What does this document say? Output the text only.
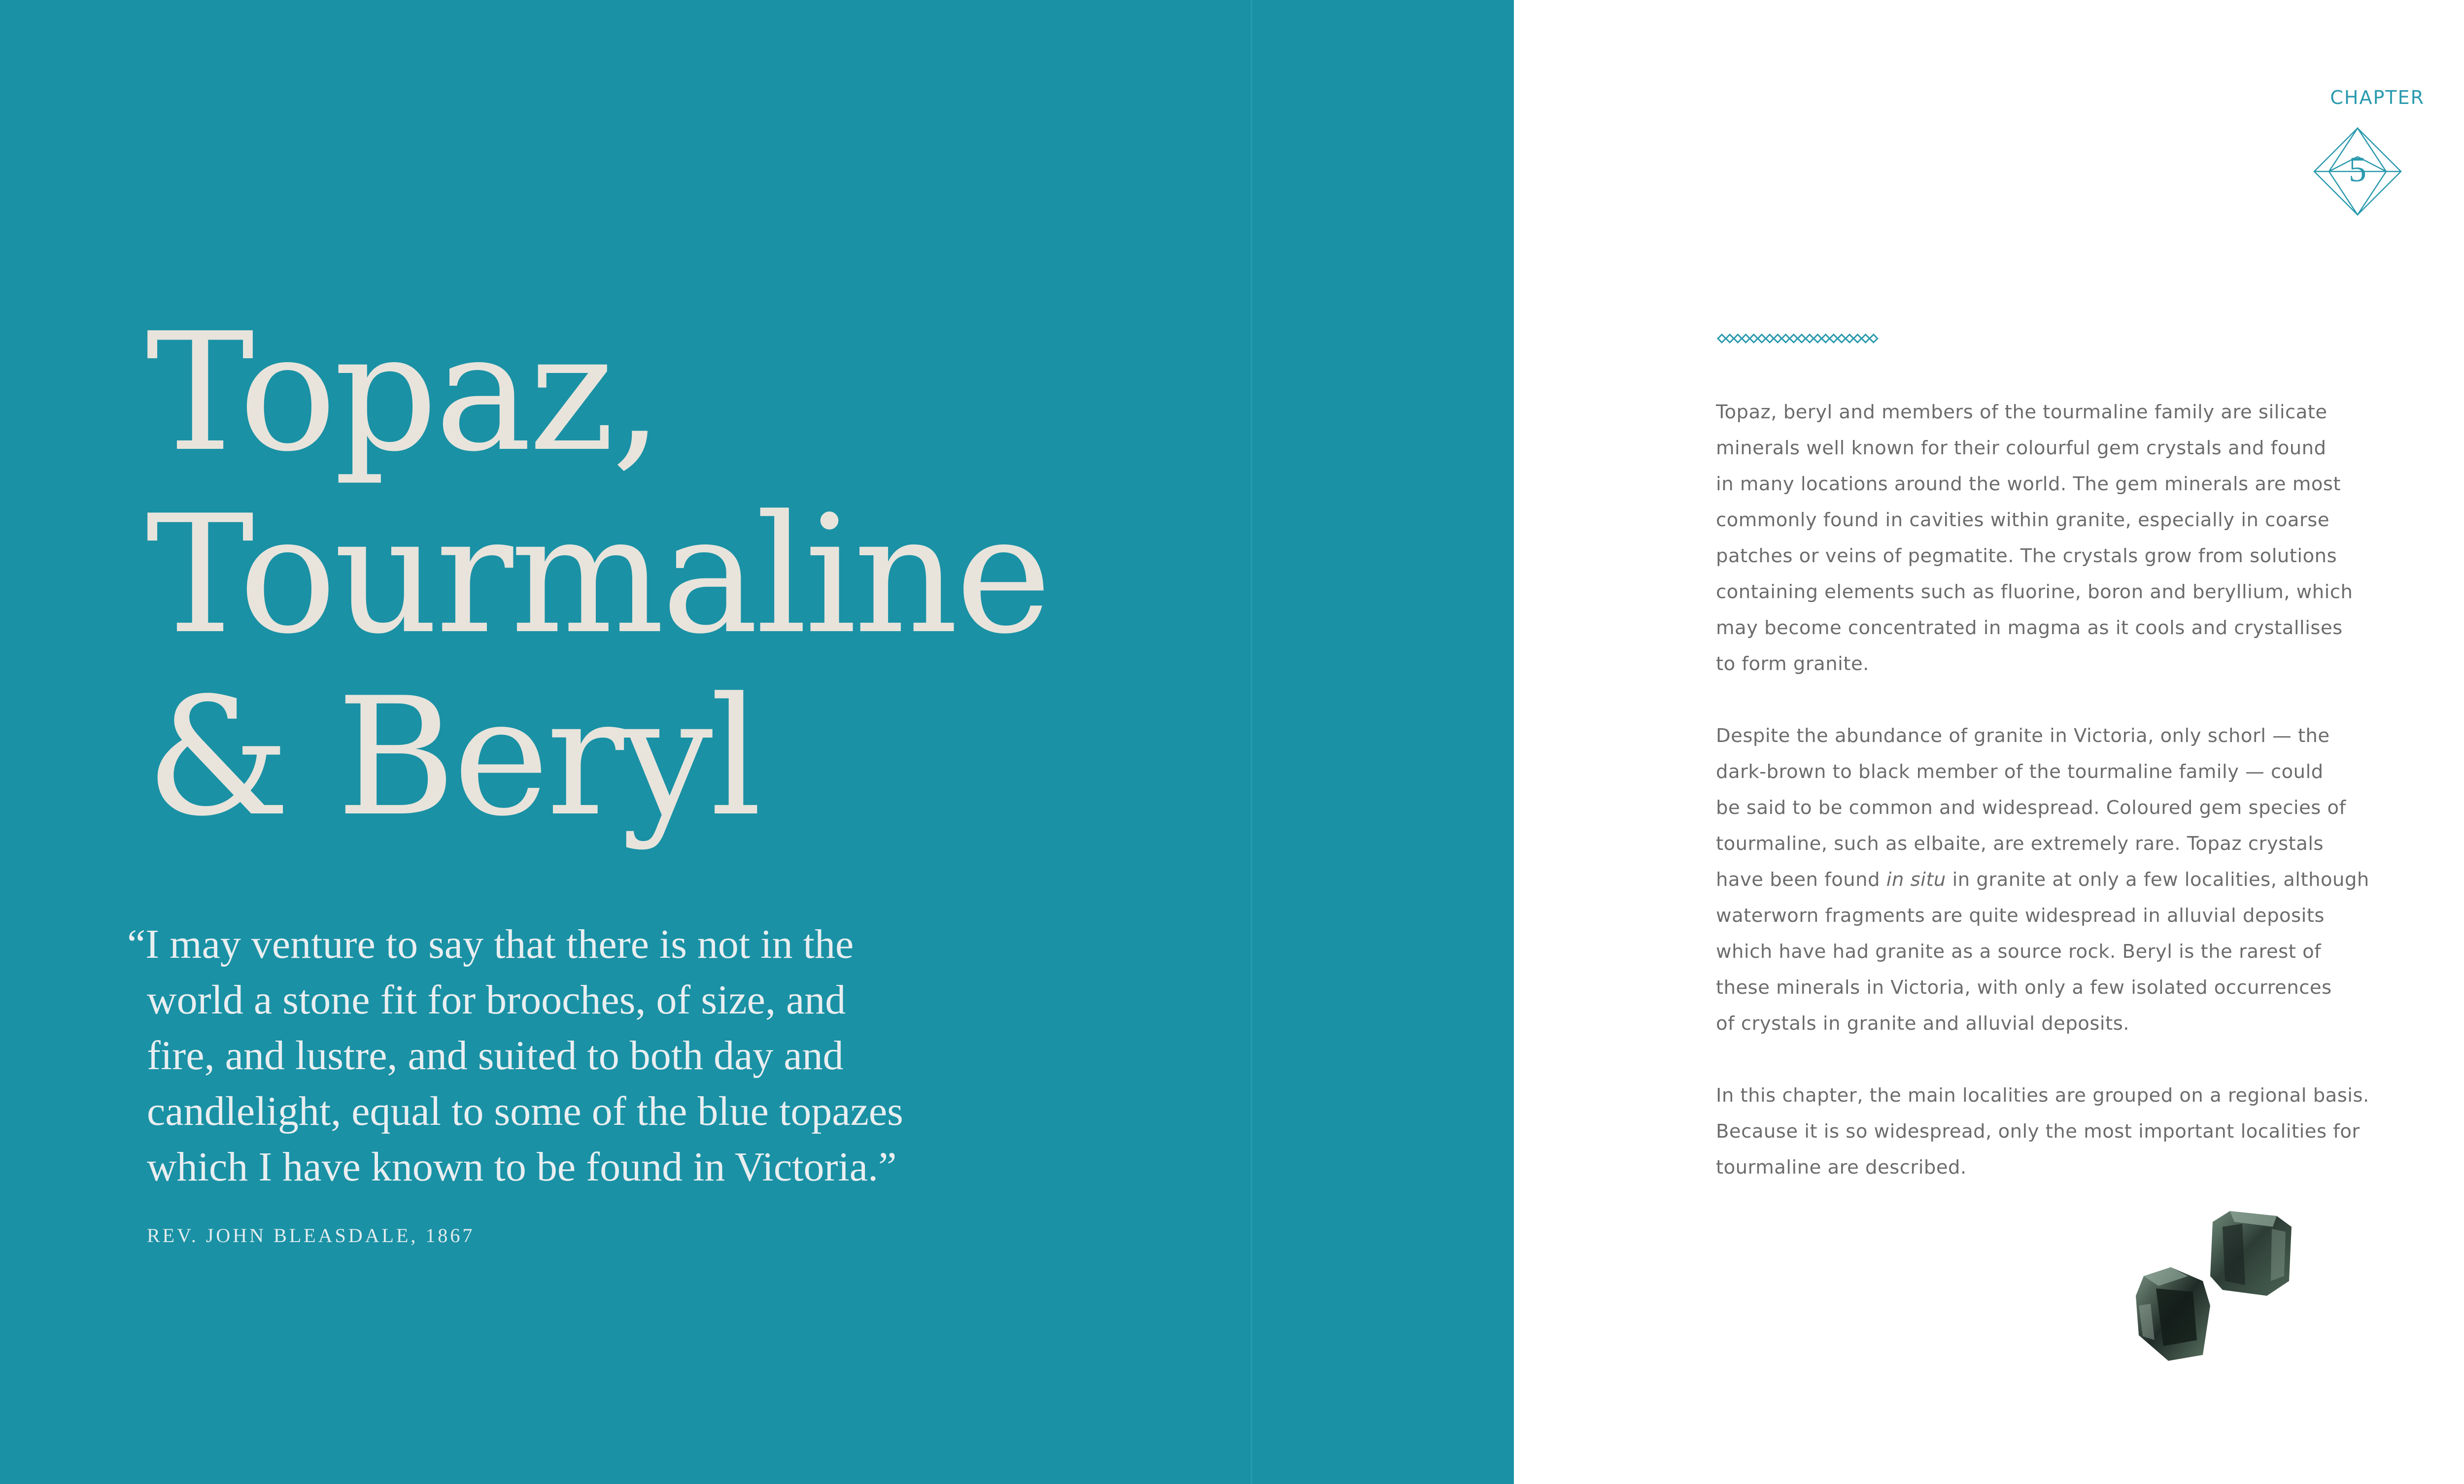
Topaz,
Tourmaline
& Beryl
“I may venture to say that there is not in the
world a stone fit for brooches, of size, and
fire, and lustre, and suited to both day and
candlelight, equal to some of the blue topazes
which I have known to be found in Victoria.”
REV. JOHN BLEASDALE, 1867
CHAPTER
5

Topaz, beryl and members of the tourmaline family are silicate
minerals well known for their colourful gem crystals and found
in many locations around the world. The gem minerals are most
commonly found in cavities within granite, especially in coarse
patches or veins of pegmatite. The crystals grow from solutions
containing elements such as fluorine, boron and beryllium, which
may become concentrated in magma as it cools and crystallises
to form granite.

Despite the abundance of granite in Victoria, only schorl — the
dark-brown to black member of the tourmaline family — could
be said to be common and widespread. Coloured gem species of
tourmaline, such as elbaite, are extremely rare. Topaz crystals
have been found in situ in granite at only a few localities, although
waterworn fragments are quite widespread in alluvial deposits
which have had granite as a source rock. Beryl is the rarest of
these minerals in Victoria, with only a few isolated occurrences
of crystals in granite and alluvial deposits.

In this chapter, the main localities are grouped on a regional basis.
Because it is so widespread, only the most important localities for
tourmaline are described.
